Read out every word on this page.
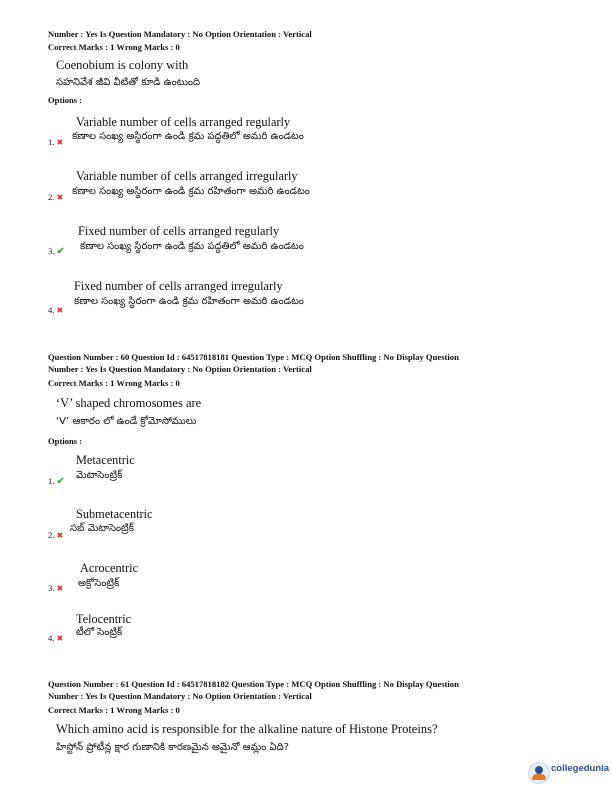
Number : Yes Is Question Mandatory : No Option Orientation : Vertical
Correct Marks : 1 Wrong Marks : 0
Coenobium is colony with
సహనివేశ జీవి వీటితో కూడి ఉంటుంది
Options :
Variable number of cells arranged regularly
1. ✖
కణాల సంఖ్య అస్థిరంగా ఉండి క్రమ పద్ధతిలో అమరి ఉండటం
Variable number of cells arranged irregularly
2. ✖
కణాల సంఖ్య అస్థిరంగా ఉండి క్రమ రహితంగా అమరి ఉండటం
Fixed number of cells arranged regularly
3. ✔ కణాల సంఖ్య స్థిరంగా ఉండి క్రమ పద్ధతిలో అమరి ఉండటం
Fixed number of cells arranged irregularly
4. ✖
కణాల సంఖ్య స్థిరంగా ఉండి క్రమ రహితంగా అమరి ఉండటం
Question Number : 60 Question Id : 64517818181 Question Type : MCQ Option Shuffling : No Display Question
Number : Yes Is Question Mandatory : No Option Orientation : Vertical
Correct Marks : 1 Wrong Marks : 0
‘V’ shaped chromosomes are
‘V’ ఆకారం లో ఉండే క్రోమోసోములు
Options :
Metacentric
1. ✔
మెటాసెంట్రిక్
Submetacentric
2. ✖
సబ్ మెటాసెంట్రిక్
Acrocentric
3. ✖ అక్రోసెంట్రిక్
Telocentric
4. ✖
టీలో సెంట్రిక్
Question Number : 61 Question Id : 64517818182 Question Type : MCQ Option Shuffling : No Display Question
Number : Yes Is Question Mandatory : No Option Orientation : Vertical
Correct Marks : 1 Wrong Marks : 0
Which amino acid is responsible for the alkaline nature of Histone Proteins?
హిస్టోన్ ప్రోటీన్ల క్షార గుణానికి కారణమైన అమైనో ఆమ్లం ఏది?
collegedunia
